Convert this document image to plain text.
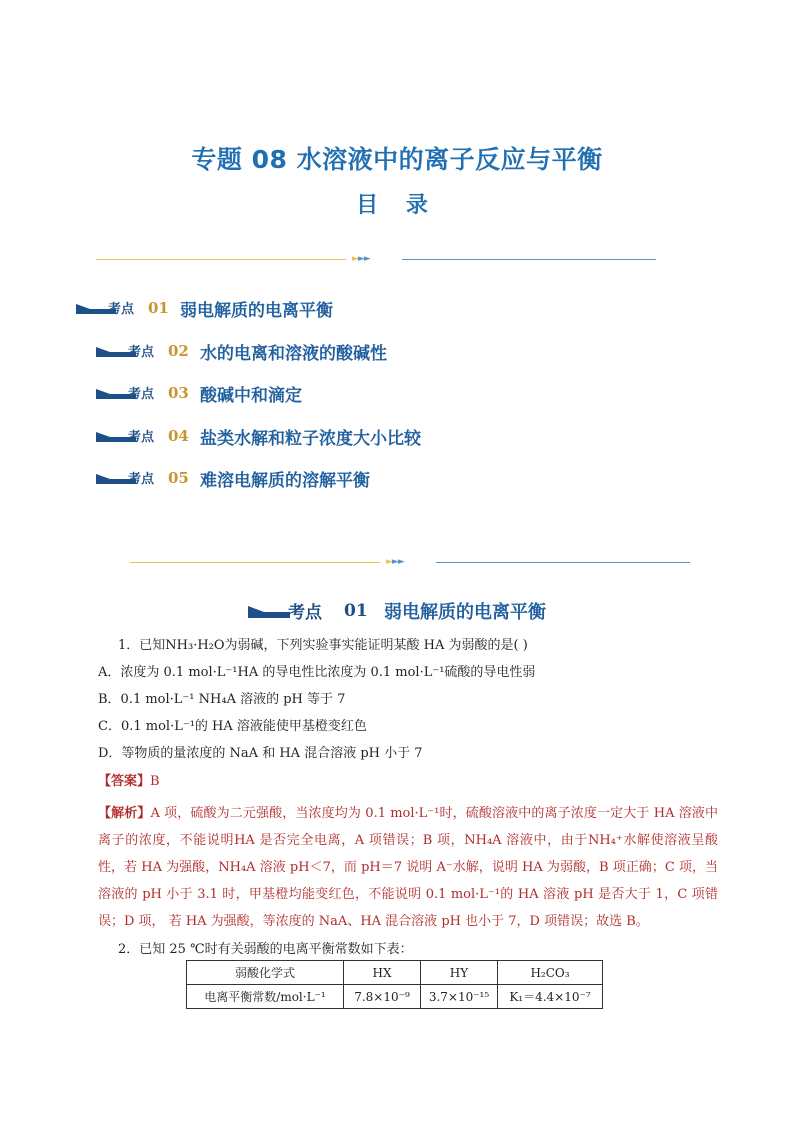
专题 08 水溶液中的离子反应与平衡
目 录
►►►
考点 01 弱电解质的电离平衡
考点 02 水的电离和溶液的酸碱性
考点 03 酸碱中和滴定
考点 04 盐类水解和粒子浓度大小比较
考点 05 难溶电解质的溶解平衡
►►►
考点 01 弱电解质的电离平衡
1．已知NH₃·H₂O为弱碱，下列实验事实能证明某酸 HA 为弱酸的是( )
A．浓度为 0.1 mol·L⁻¹HA 的导电性比浓度为 0.1 mol·L⁻¹硫酸的导电性弱
B．0.1 mol·L⁻¹ NH₄A 溶液的 pH 等于 7
C．0.1 mol·L⁻¹的 HA 溶液能使甲基橙变红色
D．等物质的量浓度的 NaA 和 HA 混合溶液 pH 小于 7
【答案】B
【解析】A 项，硫酸为二元强酸，当浓度均为 0.1 mol·L⁻¹时，硫酸溶液中的离子浓度一定大于 HA 溶液中离子的浓度，不能说明HA 是否完全电离，A 项错误；B 项，NH₄A 溶液中，由于NH₄⁺水解使溶液呈酸性，若 HA 为强酸，NH₄A 溶液 pH＜7，而 pH＝7 说明 A⁻水解，说明 HA 为弱酸，B 项正确；C 项，当溶液的 pH 小于 3.1 时，甲基橙均能变红色，不能说明 0.1 mol·L⁻¹的 HA 溶液 pH 是否大于 1，C 项错误；D 项， 若 HA 为强酸，等浓度的 NaA、HA 混合溶液 pH 也小于 7，D 项错误；故选 B。
2．已知 25 ℃时有关弱酸的电离平衡常数如下表：
弱酸化学式	HX	HY	H₂CO₃
电离平衡常数/mol·L⁻¹	7.8×10⁻⁹	3.7×10⁻¹⁵	K₁＝4.4×10⁻⁷
